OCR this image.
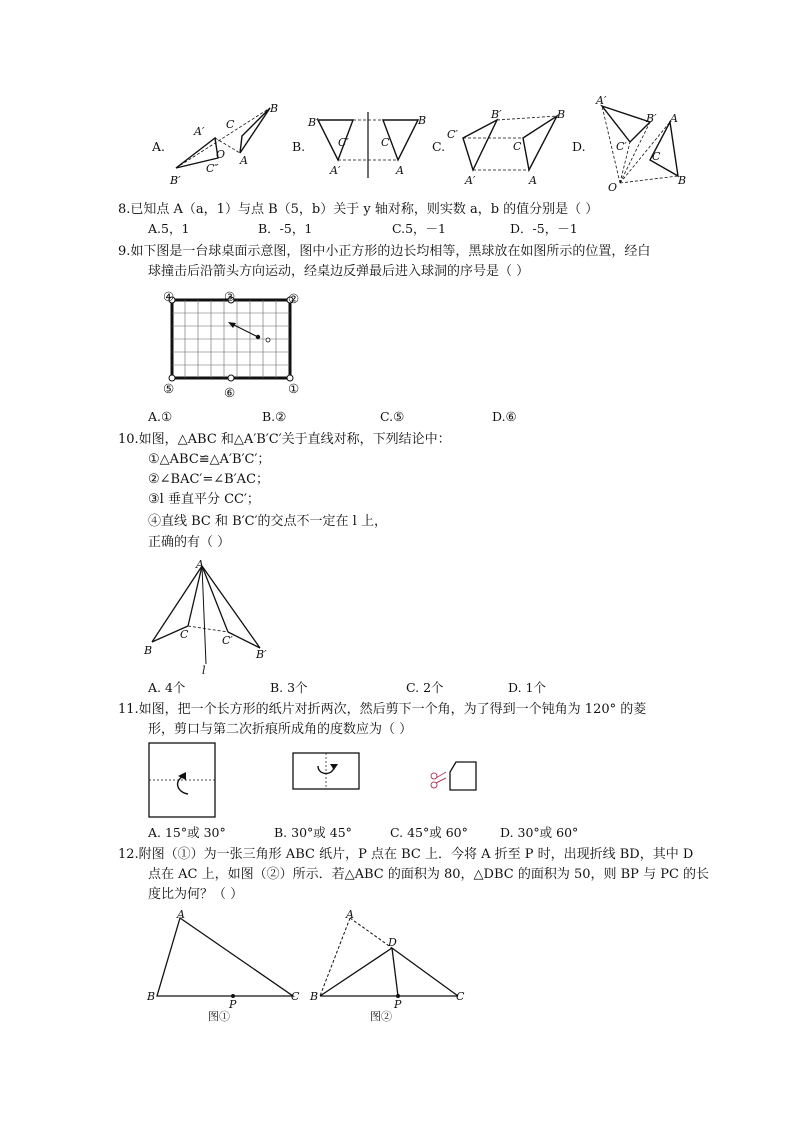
A.
A′
B′
C″
O
C
A
B
B.
B′
C′
A′
C
A
B
C.
C′
B′
A′
C
A
B
D.
A′
B′
C′
A
C
B
O
8.已知点 A（a，1）与点 B（5，b）关于 y 轴对称，则实数 a，b 的值分别是（ ）
A.5，1	B．-5，1	C.5，－1	D．-5，－1
9.如下图是一台球桌面示意图，图中小正方形的边长均相等，黑球放在如图所示的位置，经白
球撞击后沿箭头方向运动，经桌边反弹最后进入球洞的序号是（ ）
④	③	②
⑤	⑥	①
A.①	B.②	C.⑤	D.⑥
10.如图，△ABC 和△A′B′C′关于直线对称，下列结论中：
①△ABC≌△A′B′C′；
②∠BAC′=∠B′AC；
③l 垂直平分 CC′；
④直线 BC 和 B′C′的交点不一定在 l 上，
正确的有（ ）
A
B
C	C′
B′
l
A. 4个	B. 3个	C. 2个	D. 1个
11.如图，把一个长方形的纸片对折两次，然后剪下一个角，为了得到一个钝角为 120° 的菱
形，剪口与第二次折痕所成角的度数应为（ ）
A. 15°或 30°	B. 30°或 45°	C. 45°或 60°	D. 30°或 60°
12.附图（①）为一张三角形 ABC 纸片，P 点在 BC 上．今将 A 折至 P 时，出现折线 BD，其中 D
点在 AC 上，如图（②）所示．若△ABC 的面积为 80，△DBC 的面积为 50，则 BP 与 PC 的长
度比为何？（ ）
A
B	C
P
图①
A
D
B	C
P
图②
